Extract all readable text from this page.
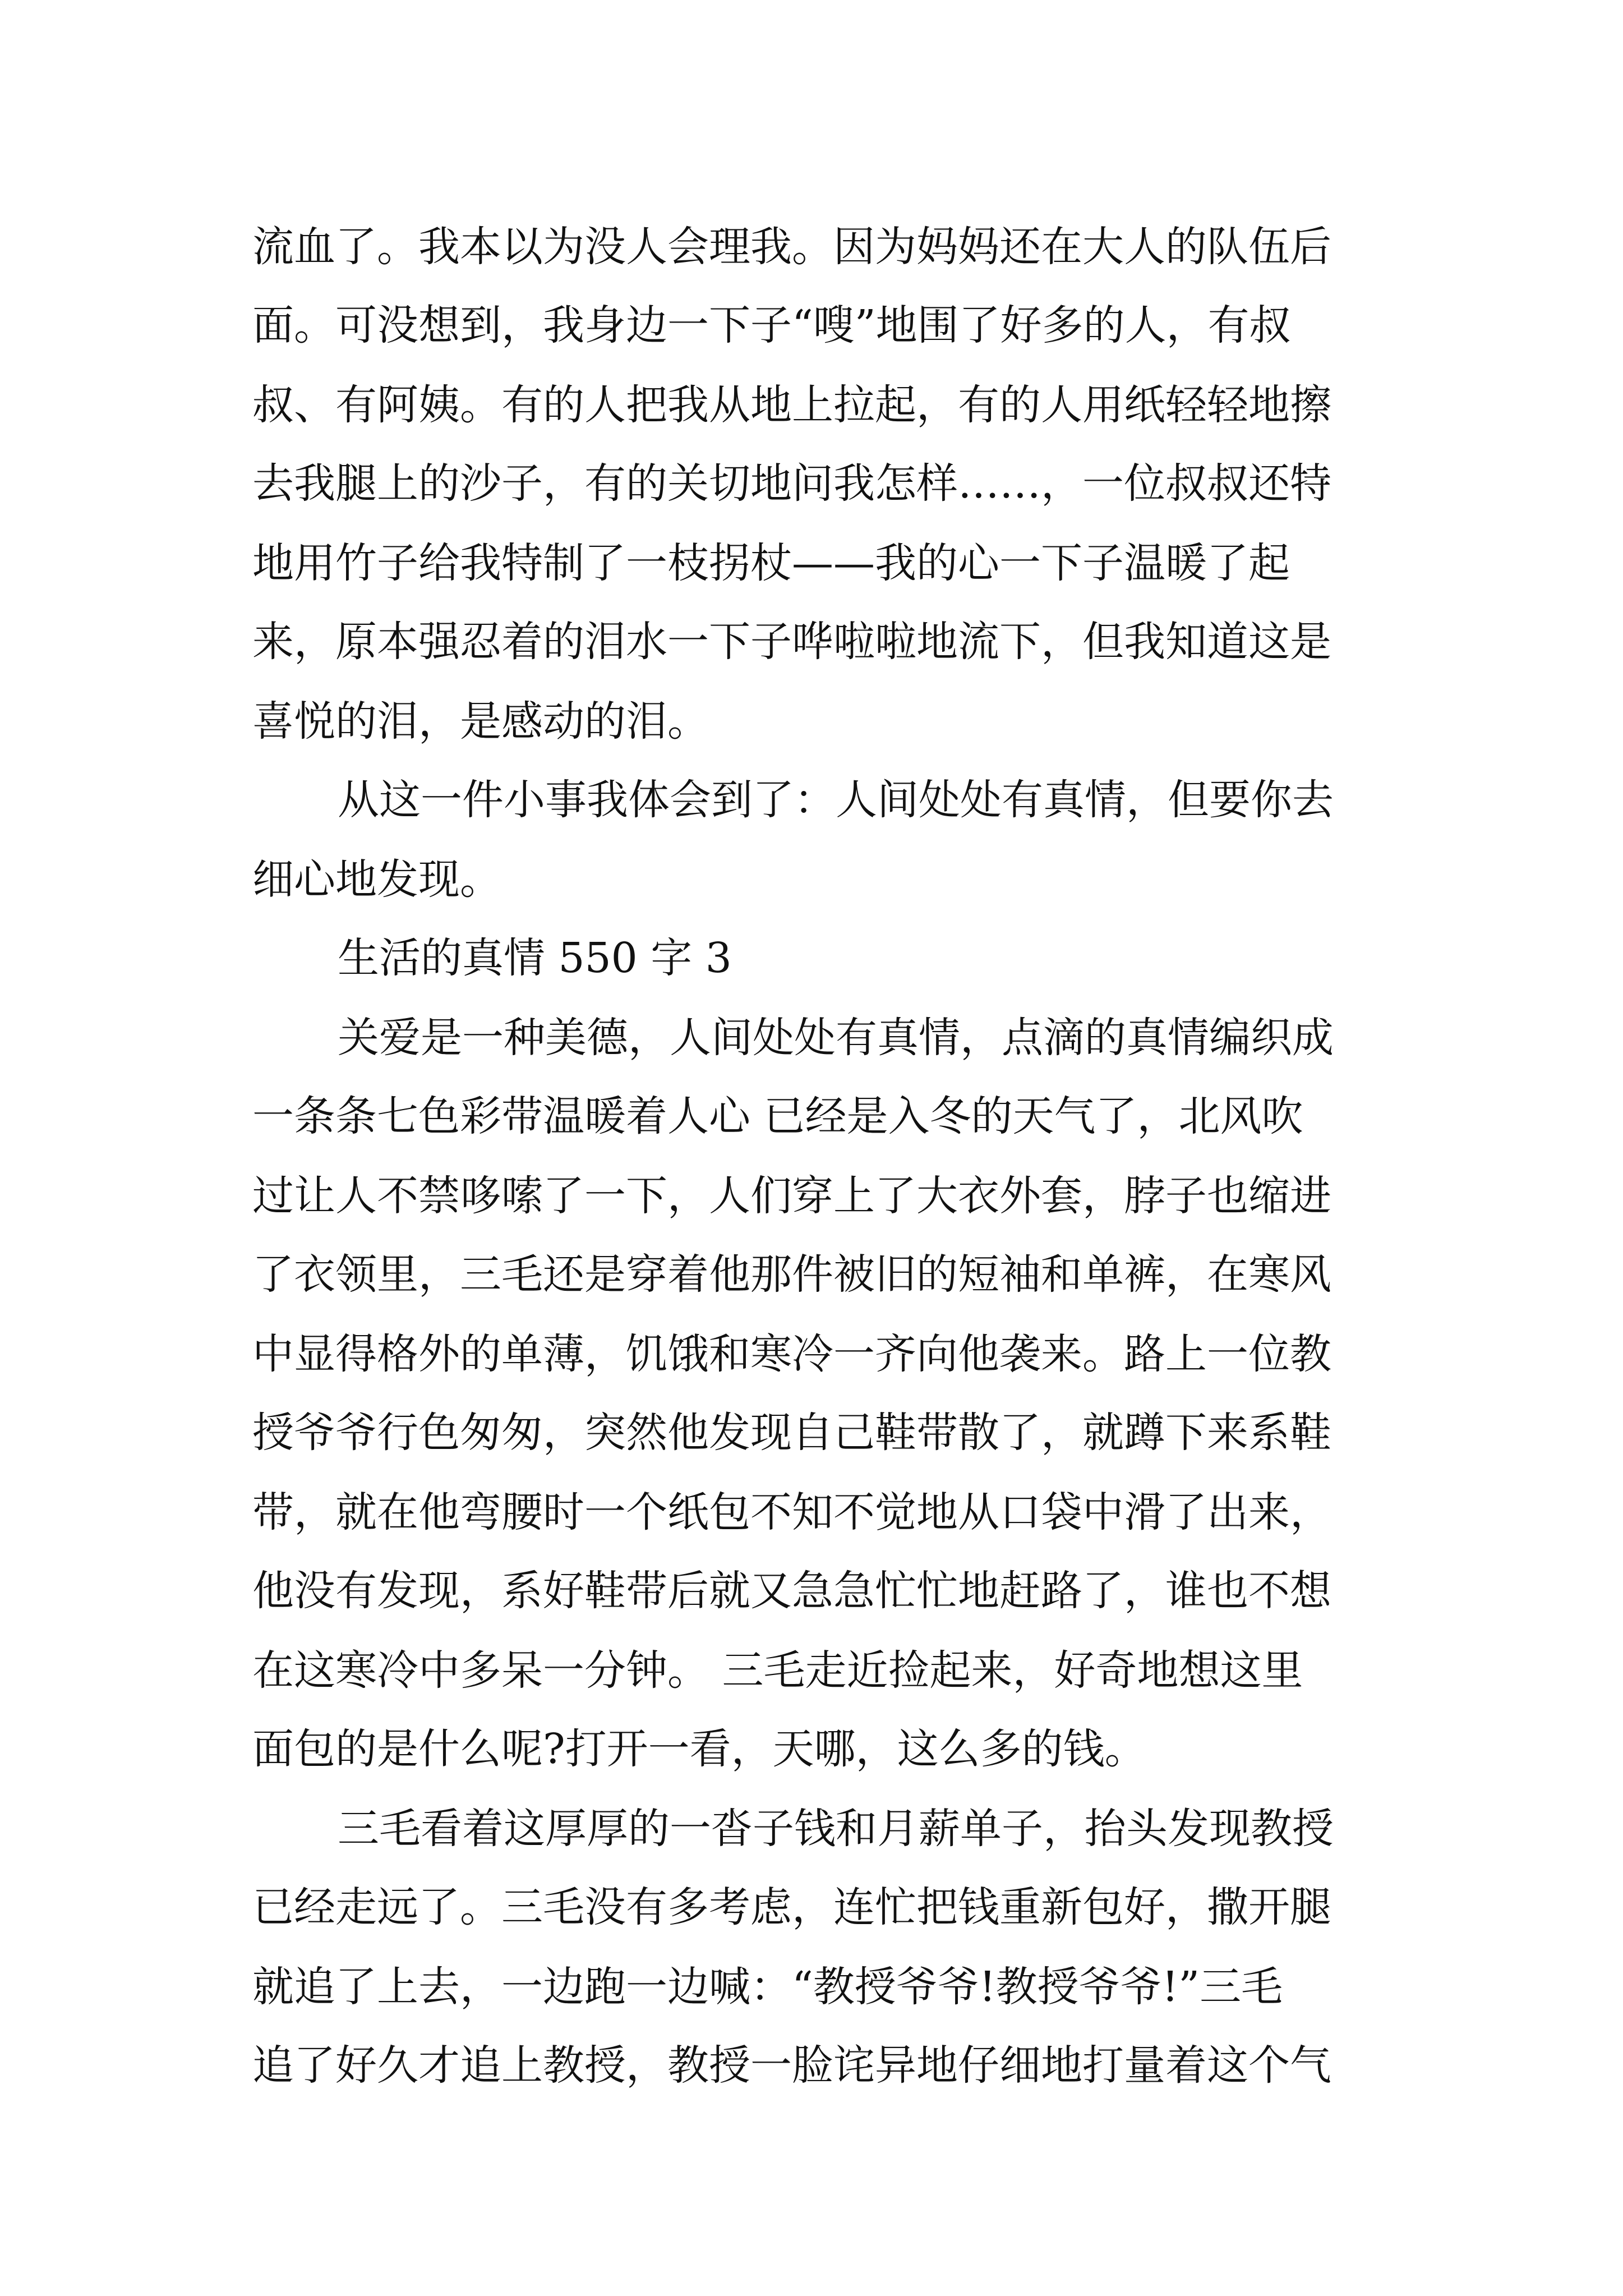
流血了。我本以为没人会理我。因为妈妈还在大人的队伍后
面。可没想到，我身边一下子“嗖”地围了好多的人，有叔
叔、有阿姨。有的人把我从地上拉起，有的人用纸轻轻地擦
去我腿上的沙子，有的关切地问我怎样……，一位叔叔还特
地用竹子给我特制了一枝拐杖——我的心一下子温暖了起
来，原本强忍着的泪水一下子哗啦啦地流下，但我知道这是
喜悦的泪，是感动的泪。
从这一件小事我体会到了：人间处处有真情，但要你去
细心地发现。
生活的真情 550 字 3
关爱是一种美德，人间处处有真情，点滴的真情编织成
一条条七色彩带温暖着人心 已经是入冬的天气了，北风吹
过让人不禁哆嗦了一下，人们穿上了大衣外套，脖子也缩进
了衣领里，三毛还是穿着他那件被旧的短袖和单裤，在寒风
中显得格外的单薄，饥饿和寒冷一齐向他袭来。路上一位教
授爷爷行色匆匆，突然他发现自己鞋带散了，就蹲下来系鞋
带，就在他弯腰时一个纸包不知不觉地从口袋中滑了出来，
他没有发现，系好鞋带后就又急急忙忙地赶路了，谁也不想
在这寒冷中多呆一分钟。 三毛走近捡起来，好奇地想这里
面包的是什么呢?打开一看，天哪，这么多的钱。
三毛看着这厚厚的一沓子钱和月薪单子，抬头发现教授
已经走远了。三毛没有多考虑，连忙把钱重新包好，撒开腿
就追了上去，一边跑一边喊：“教授爷爷!教授爷爷!”三毛
追了好久才追上教授，教授一脸诧异地仔细地打量着这个气
